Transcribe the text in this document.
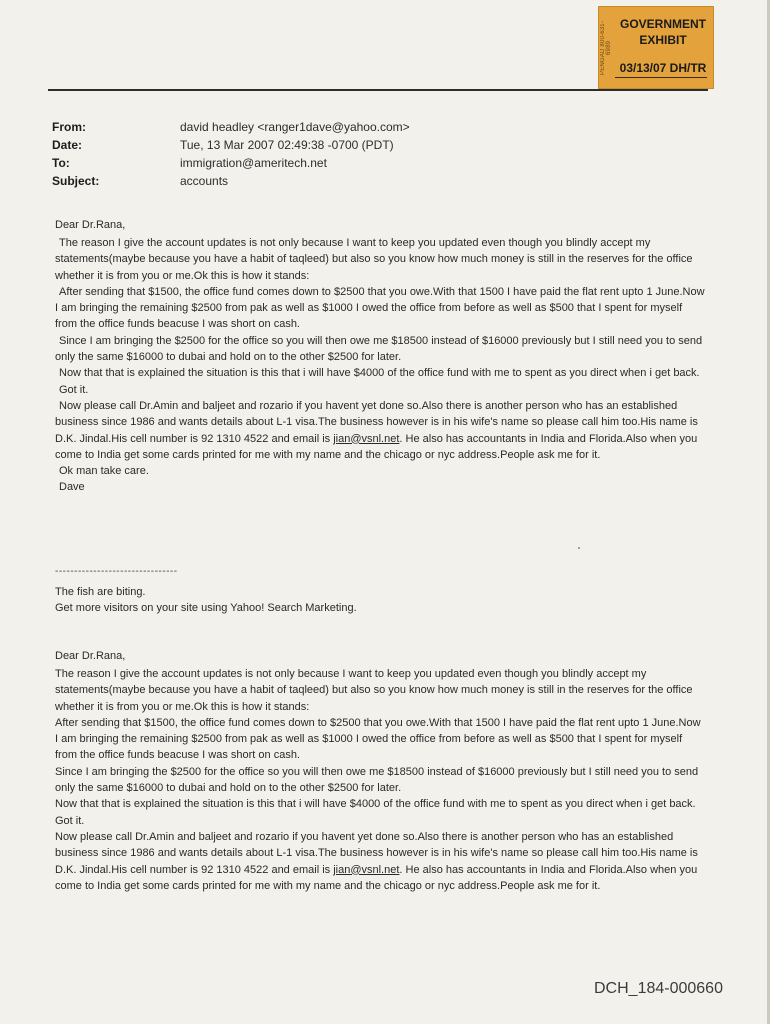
PENGAD 800-631-6989
GOVERNMENT
EXHIBIT
03/13/07 DH/TR
From:	david headley <ranger1dave@yahoo.com>
Date:	Tue, 13 Mar 2007 02:49:38 -0700 (PDT)
To:	immigration@ameritech.net
Subject:	accounts
Dear Dr.Rana,

The reason I give the account updates is not only because I want to keep you updated even though you blindly accept my statements(maybe because you have a habit of taqleed) but also so you know how much money is still in the reserves for the office whether it is from you or me.Ok this is how it stands:

After sending that $1500, the office fund comes down to $2500 that you owe.With that 1500 I have paid the flat rent upto 1 June.Now I am bringing the remaining $2500 from pak as well as $1000 I owed the office from before as well as $500 that I spent for myself from the office funds beacuse I was short on cash.

Since I am bringing the $2500 for the office so you will then owe me $18500 instead of $16000 previously but I still need you to send only the same $16000 to dubai and hold on to the other $2500 for later.

Now that that is explained the situation is this that i will have $4000 of the office fund with me to spent as you direct when i get back.

Got it.

Now please call Dr.Amin and baljeet and rozario if you havent yet done so.Also there is another person who has an established business since 1986 and wants details about L-1 visa.The business however is in his wife's name so please call him too.His name is D.K. Jindal.His cell number is 92 1310 4522 and email is jian@vsnl.net. He also has accountants in India and Florida.Also when you come to India get some cards printed for me with my name and the chicago or nyc address.People ask me for it.

Ok man take care.

Dave

--------------------------------

The fish are biting.

Get more visitors on your site using Yahoo! Search Marketing.

Dear Dr.Rana,

The reason I give the account updates is not only because I want to keep you updated even though you blindly accept my statements(maybe because you have a habit of taqleed) but also so you know how much money is still in the reserves for the office whether it is from you or me.Ok this is how it stands:

After sending that $1500, the office fund comes down to $2500 that you owe.With that 1500 I have paid the flat rent upto 1 June.Now I am bringing the remaining $2500 from pak as well as $1000 I owed the office from before as well as $500 that I spent for myself from the office funds beacuse I was short on cash.

Since I am bringing the $2500 for the office so you will then owe me $18500 instead of $16000 previously but I still need you to send only the same $16000 to dubai and hold on to the other $2500 for later.

Now that that is explained the situation is this that i will have $4000 of the office fund with me to spent as you direct when i get back.

Got it.

Now please call Dr.Amin and baljeet and rozario if you havent yet done so.Also there is another person who has an established business since 1986 and wants details about L-1 visa.The business however is in his wife's name so please call him too.His name is D.K. Jindal.His cell number is 92 1310 4522 and email is jian@vsnl.net. He also has accountants in India and Florida.Also when you come to India get some cards printed for me with my name and the chicago or nyc address.People ask me for it.

DCH_184-000660
